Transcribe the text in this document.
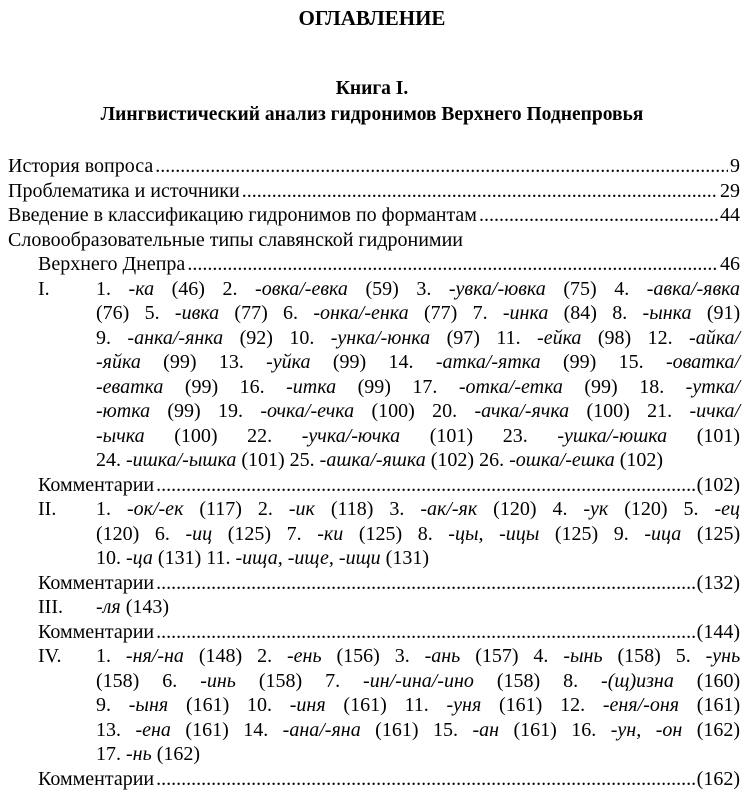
ОГЛАВЛЕНИЕ
Книга I.
Лингвистический анализ гидронимов Верхнего Поднепровья
История вопроса .....	9
Проблематика и источники .....	29
Введение в классификацию гидронимов по формантам .....	44
Словообразовательные типы славянской гидронимии
Верхнего Днепра .....	46
I.	1. -ка (46) 2. -овка/-евка (59) 3. -увка/-ювка (75) 4. -авка/-явка
(76) 5. -ивка (77) 6. -онка/-енка (77) 7. -инка (84) 8. -ынка (91)
9. -анка/-янка (92) 10. -унка/-юнка (97) 11. -ейка (98) 12. -айка/
-яйка (99) 13. -уйка (99) 14. -атка/-ятка (99) 15. -оватка/
-еватка (99) 16. -итка (99) 17. -отка/-етка (99) 18. -утка/
-ютка (99) 19. -очка/-ечка (100) 20. -ачка/-ячка (100) 21. -ичка/
-ычка (100) 22. -учка/-ючка (101) 23. -ушка/-юшка (101)
24. -ишка/-ышка (101) 25. -ашка/-яшка (102) 26. -ошка/-ешка (102)
Комментарии .....	(102)
II.	1. -ок/-ек (117) 2. -ик (118) 3. -ак/-як (120) 4. -ук (120) 5. -ец
(120) 6. -иц (125) 7. -ки (125) 8. -цы, -ицы (125) 9. -ица (125)
10. -ца (131) 11. -ища, -ище, -ищи (131)
Комментарии .....	(132)
III.	-ля (143)
Комментарии .....	(144)
IV.	1. -ня/-на (148) 2. -ень (156) 3. -ань (157) 4. -ынь (158) 5. -унь
(158) 6. -инь (158) 7. -ин/-ина/-ино (158) 8. -(щ)изна (160)
9. -ыня (161) 10. -иня (161) 11. -уня (161) 12. -еня/-оня (161)
13. -ена (161) 14. -ана/-яна (161) 15. -ан (161) 16. -ун, -он (162)
17. -нь (162)
Комментарии .....	(162)
